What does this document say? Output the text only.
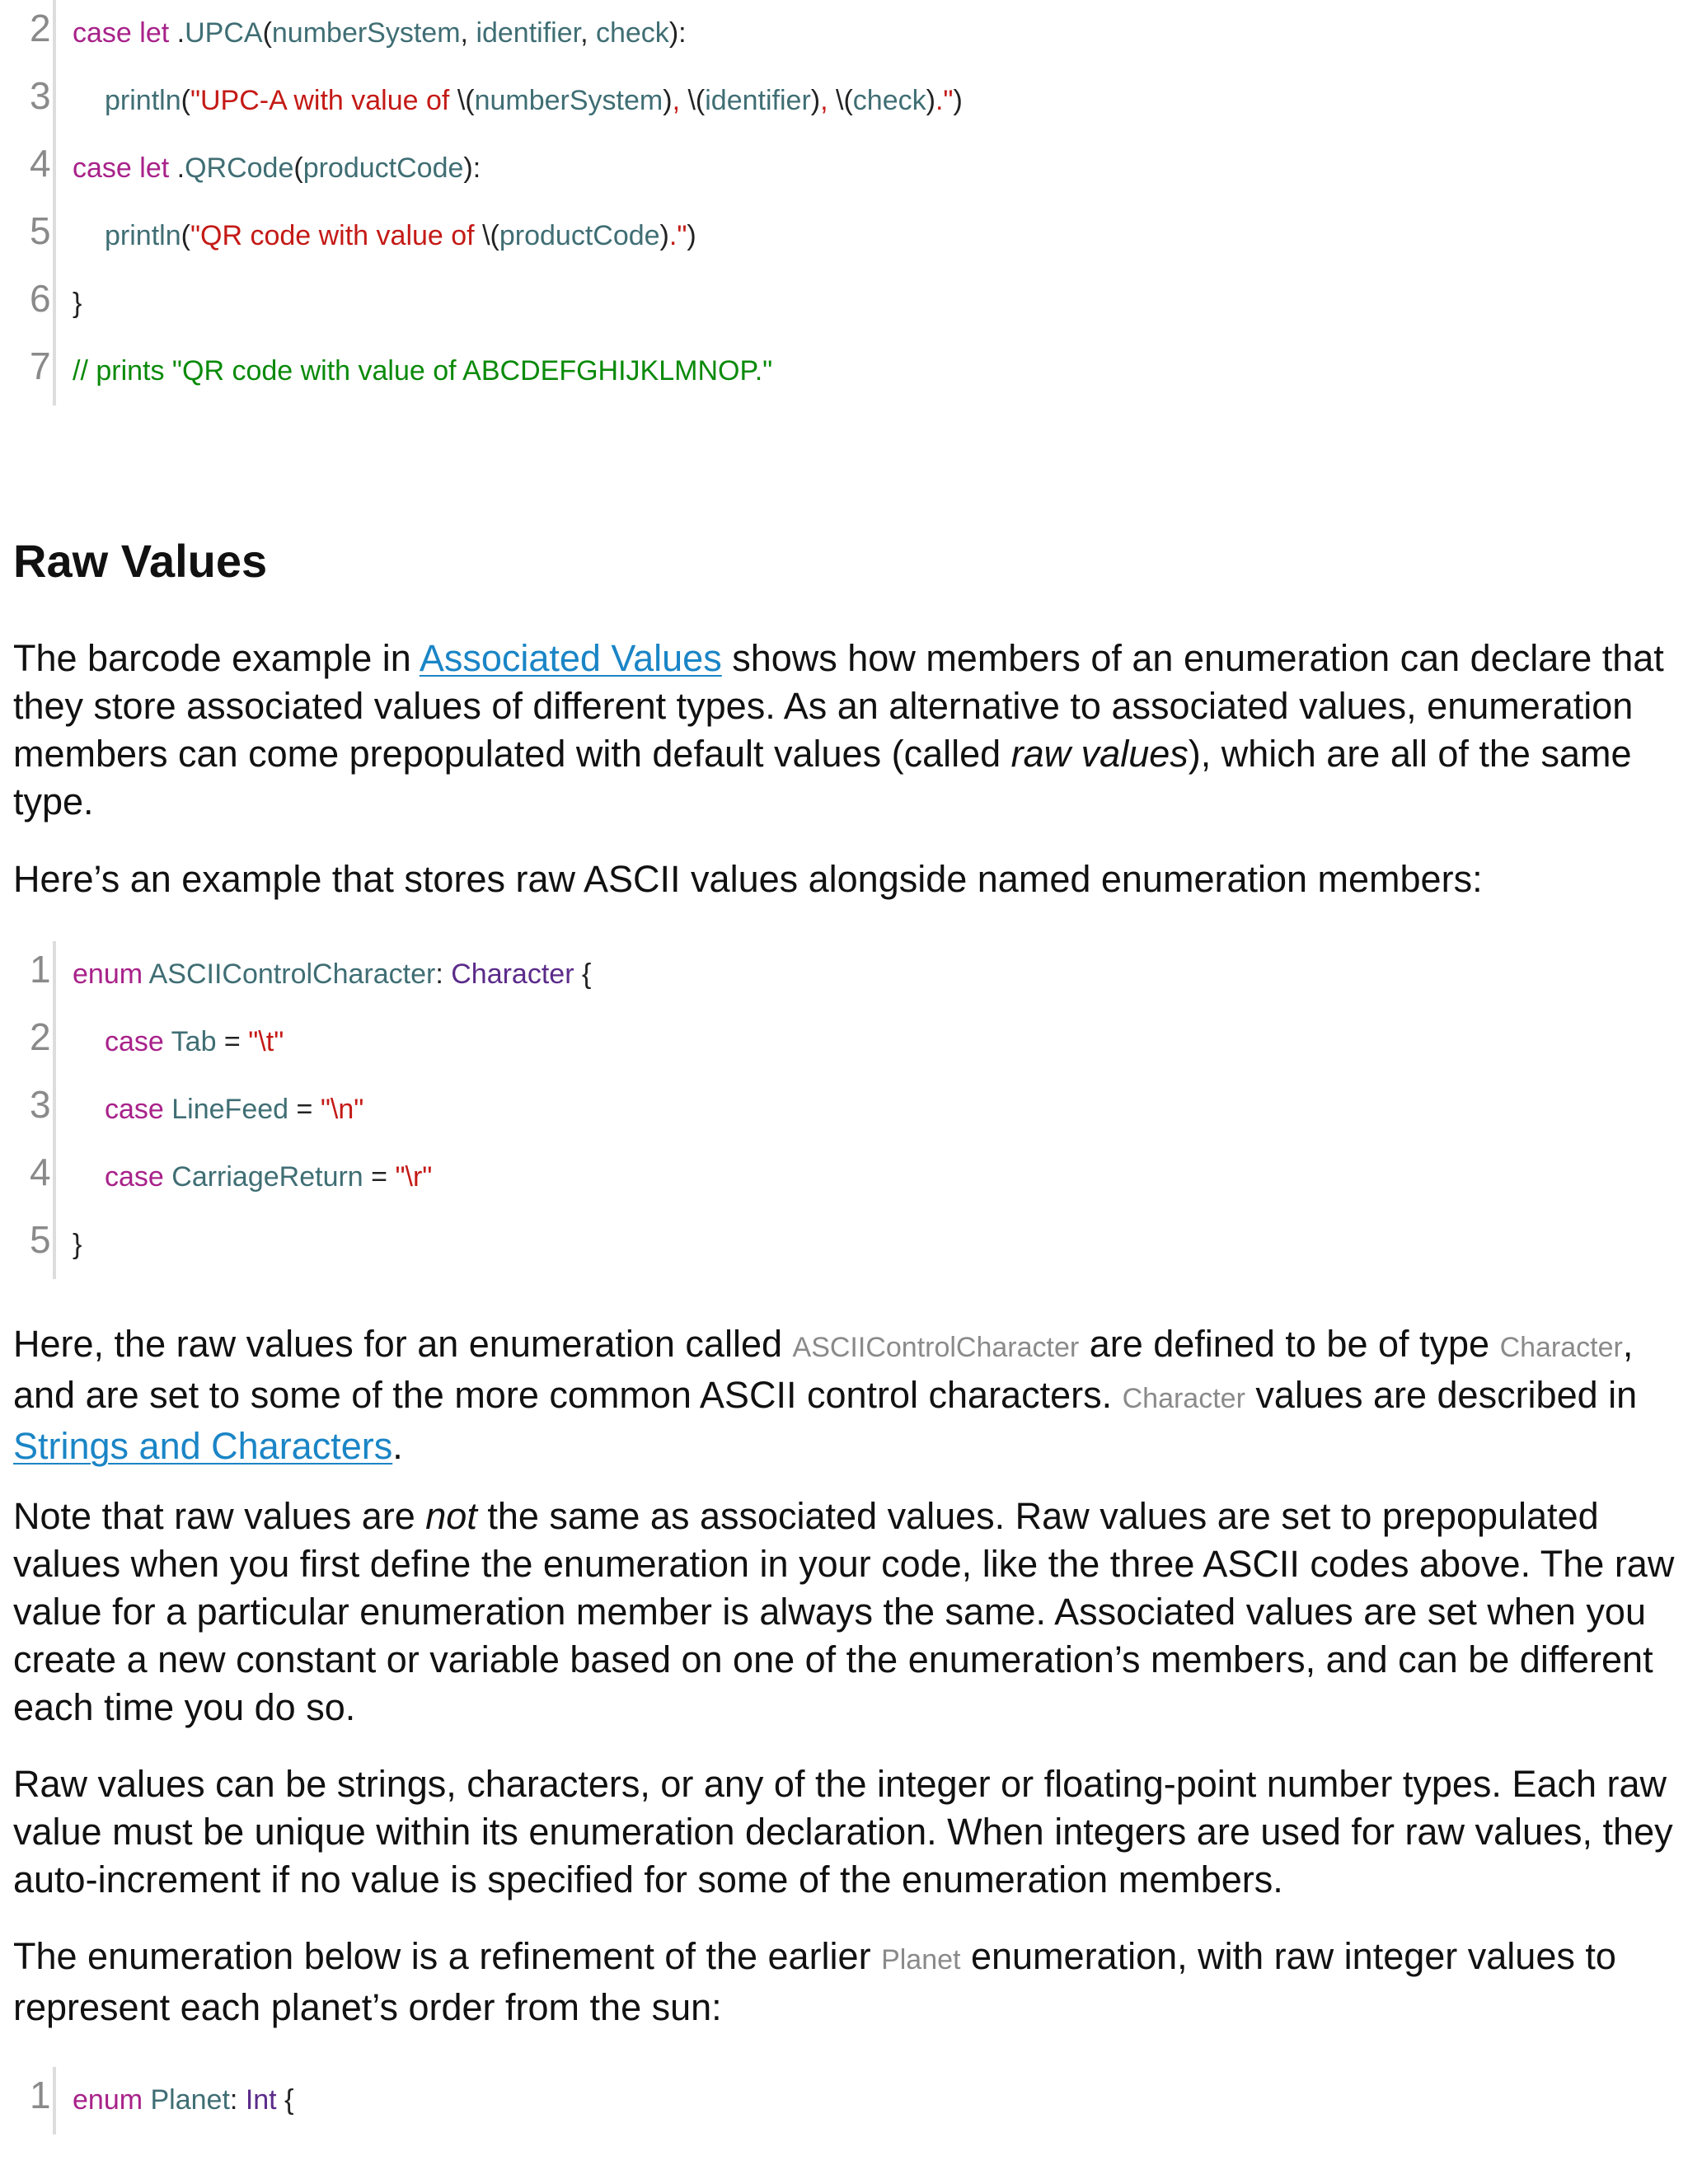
2 case let .UPCA(numberSystem, identifier, check):
3 println("UPC-A with value of \(numberSystem), \(identifier), \(check).")
4 case let .QRCode(productCode):
5 println("QR code with value of \(productCode).")
6 }
7 // prints "QR code with value of ABCDEFGHIJKLMNOP."
Raw Values

The barcode example in Associated Values shows how members of an enumeration can declare that they store associated values of different types. As an alternative to associated values, enumeration members can come prepopulated with default values (called raw values), which are all of the same type.

Here’s an example that stores raw ASCII values alongside named enumeration members:

1 enum ASCIIControlCharacter: Character {
2 case Tab = "\t"
3 case LineFeed = "\n"
4 case CarriageReturn = "\r"
5 }

Here, the raw values for an enumeration called ASCIIControlCharacter are defined to be of type Character, and are set to some of the more common ASCII control characters. Character values are described in Strings and Characters.

Note that raw values are not the same as associated values. Raw values are set to prepopulated values when you first define the enumeration in your code, like the three ASCII codes above. The raw value for a particular enumeration member is always the same. Associated values are set when you create a new constant or variable based on one of the enumeration’s members, and can be different each time you do so.

Raw values can be strings, characters, or any of the integer or floating-point number types. Each raw value must be unique within its enumeration declaration. When integers are used for raw values, they auto-increment if no value is specified for some of the enumeration members.

The enumeration below is a refinement of the earlier Planet enumeration, with raw integer values to represent each planet’s order from the sun:

1 enum Planet: Int {
